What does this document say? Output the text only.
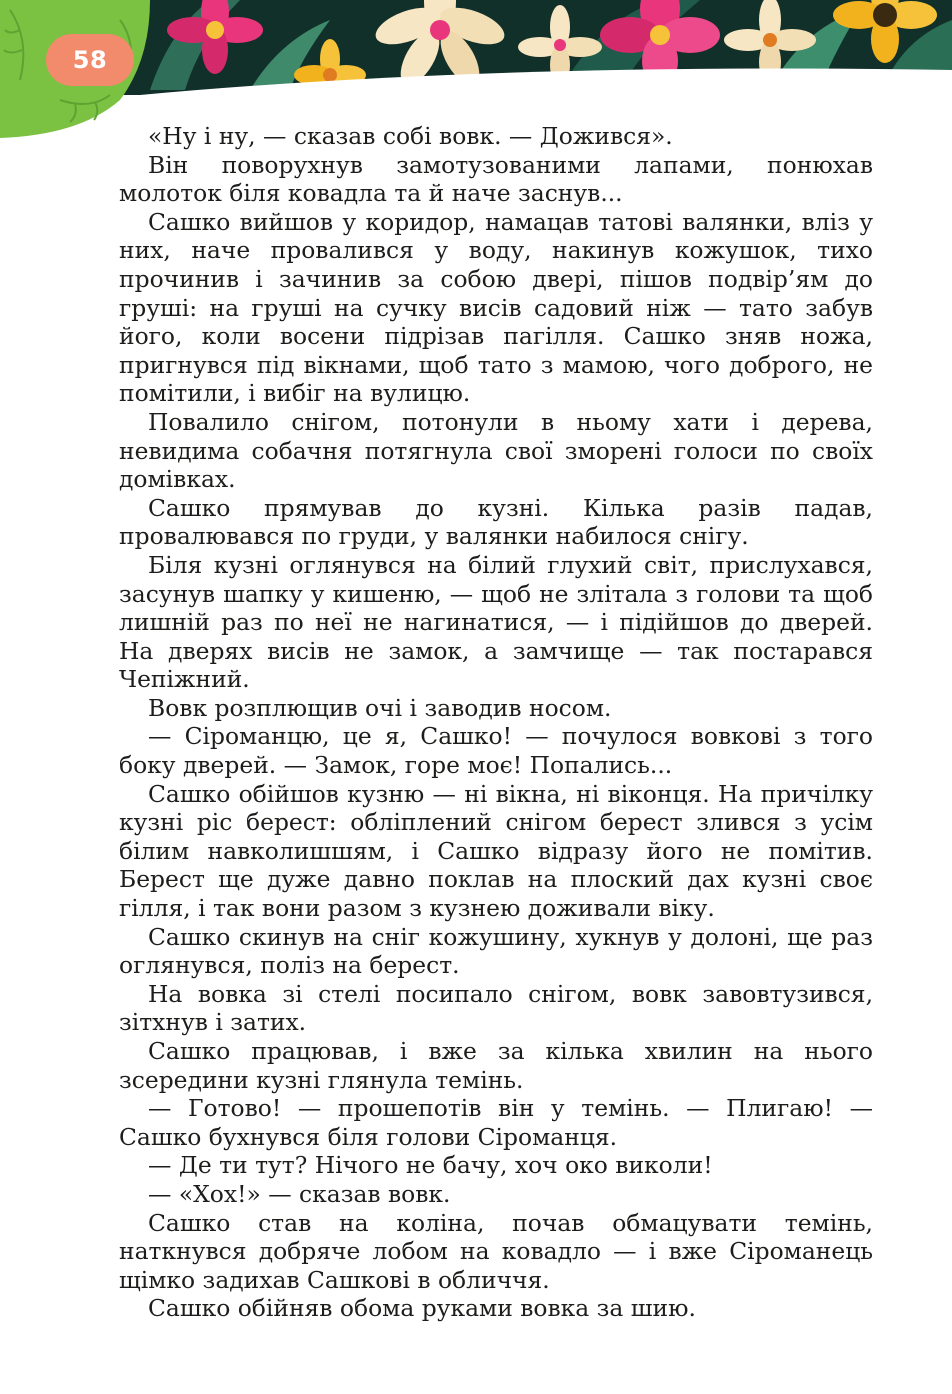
58

«Ну і ну, — сказав собі вовк. — Дожився».

Він поворухнув замотузованими лапами, понюхав молоток біля ковадла та й наче заснув...

Сашко вийшов у коридор, намацав татові валянки, вліз у них, наче провалився у воду, накинув кожушок, тихо прочинив і зачинив за собою двері, пішов подвір’ям до груші: на груші на сучку висів садовий ніж — тато забув його, коли восени підрізав пагілля. Сашко зняв ножа, пригнувся під вікнами, щоб тато з мамою, чого доброго, не помітили, і вибіг на вулицю.

Повалило снігом, потонули в ньому хати і дерева, невидима собачня потягнула свої зморені голоси по своїх домівках.

Сашко прямував до кузні. Кілька разів падав, провалювався по груди, у валянки набилося снігу.

Біля кузні оглянувся на білий глухий світ, прислухався, засунув шапку у кишеню, — щоб не злітала з голови та щоб лишній раз по неї не нагинатися, — і підійшов до дверей. На дверях висів не замок, а замчище — так постарався Чепіжний.

Вовк розплющив очі і заводив носом.

— Сіроманцю, це я, Сашко! — почулося вовкові з того боку дверей. — Замок, горе моє! Попались...

Сашко обійшов кузню — ні вікна, ні віконця. На причілку кузні ріс берест: обліплений снігом берест злився з усім білим навколишшям, і Сашко відразу його не помітив. Берест ще дуже давно поклав на плоский дах кузні своє гілля, і так вони разом з кузнею доживали віку.

Сашко скинув на сніг кожушину, хукнув у долоні, ще раз оглянувся, поліз на берест.

На вовка зі стелі посипало снігом, вовк завовтузився, зітхнув і затих.

Сашко працював, і вже за кілька хвилин на нього зсередини кузні глянула темінь.

— Готово! — прошепотів він у темінь. — Плигаю! — Сашко бухнувся біля голови Сіроманця.

— Де ти тут? Нічого не бачу, хоч око виколи!

— «Хох!» — сказав вовк.

Сашко став на коліна, почав обмацувати темінь, наткнувся добряче лобом на ковадло — і вже Сіроманець щімко задихав Сашкові в обличчя.

Сашко обійняв обома руками вовка за шию.
